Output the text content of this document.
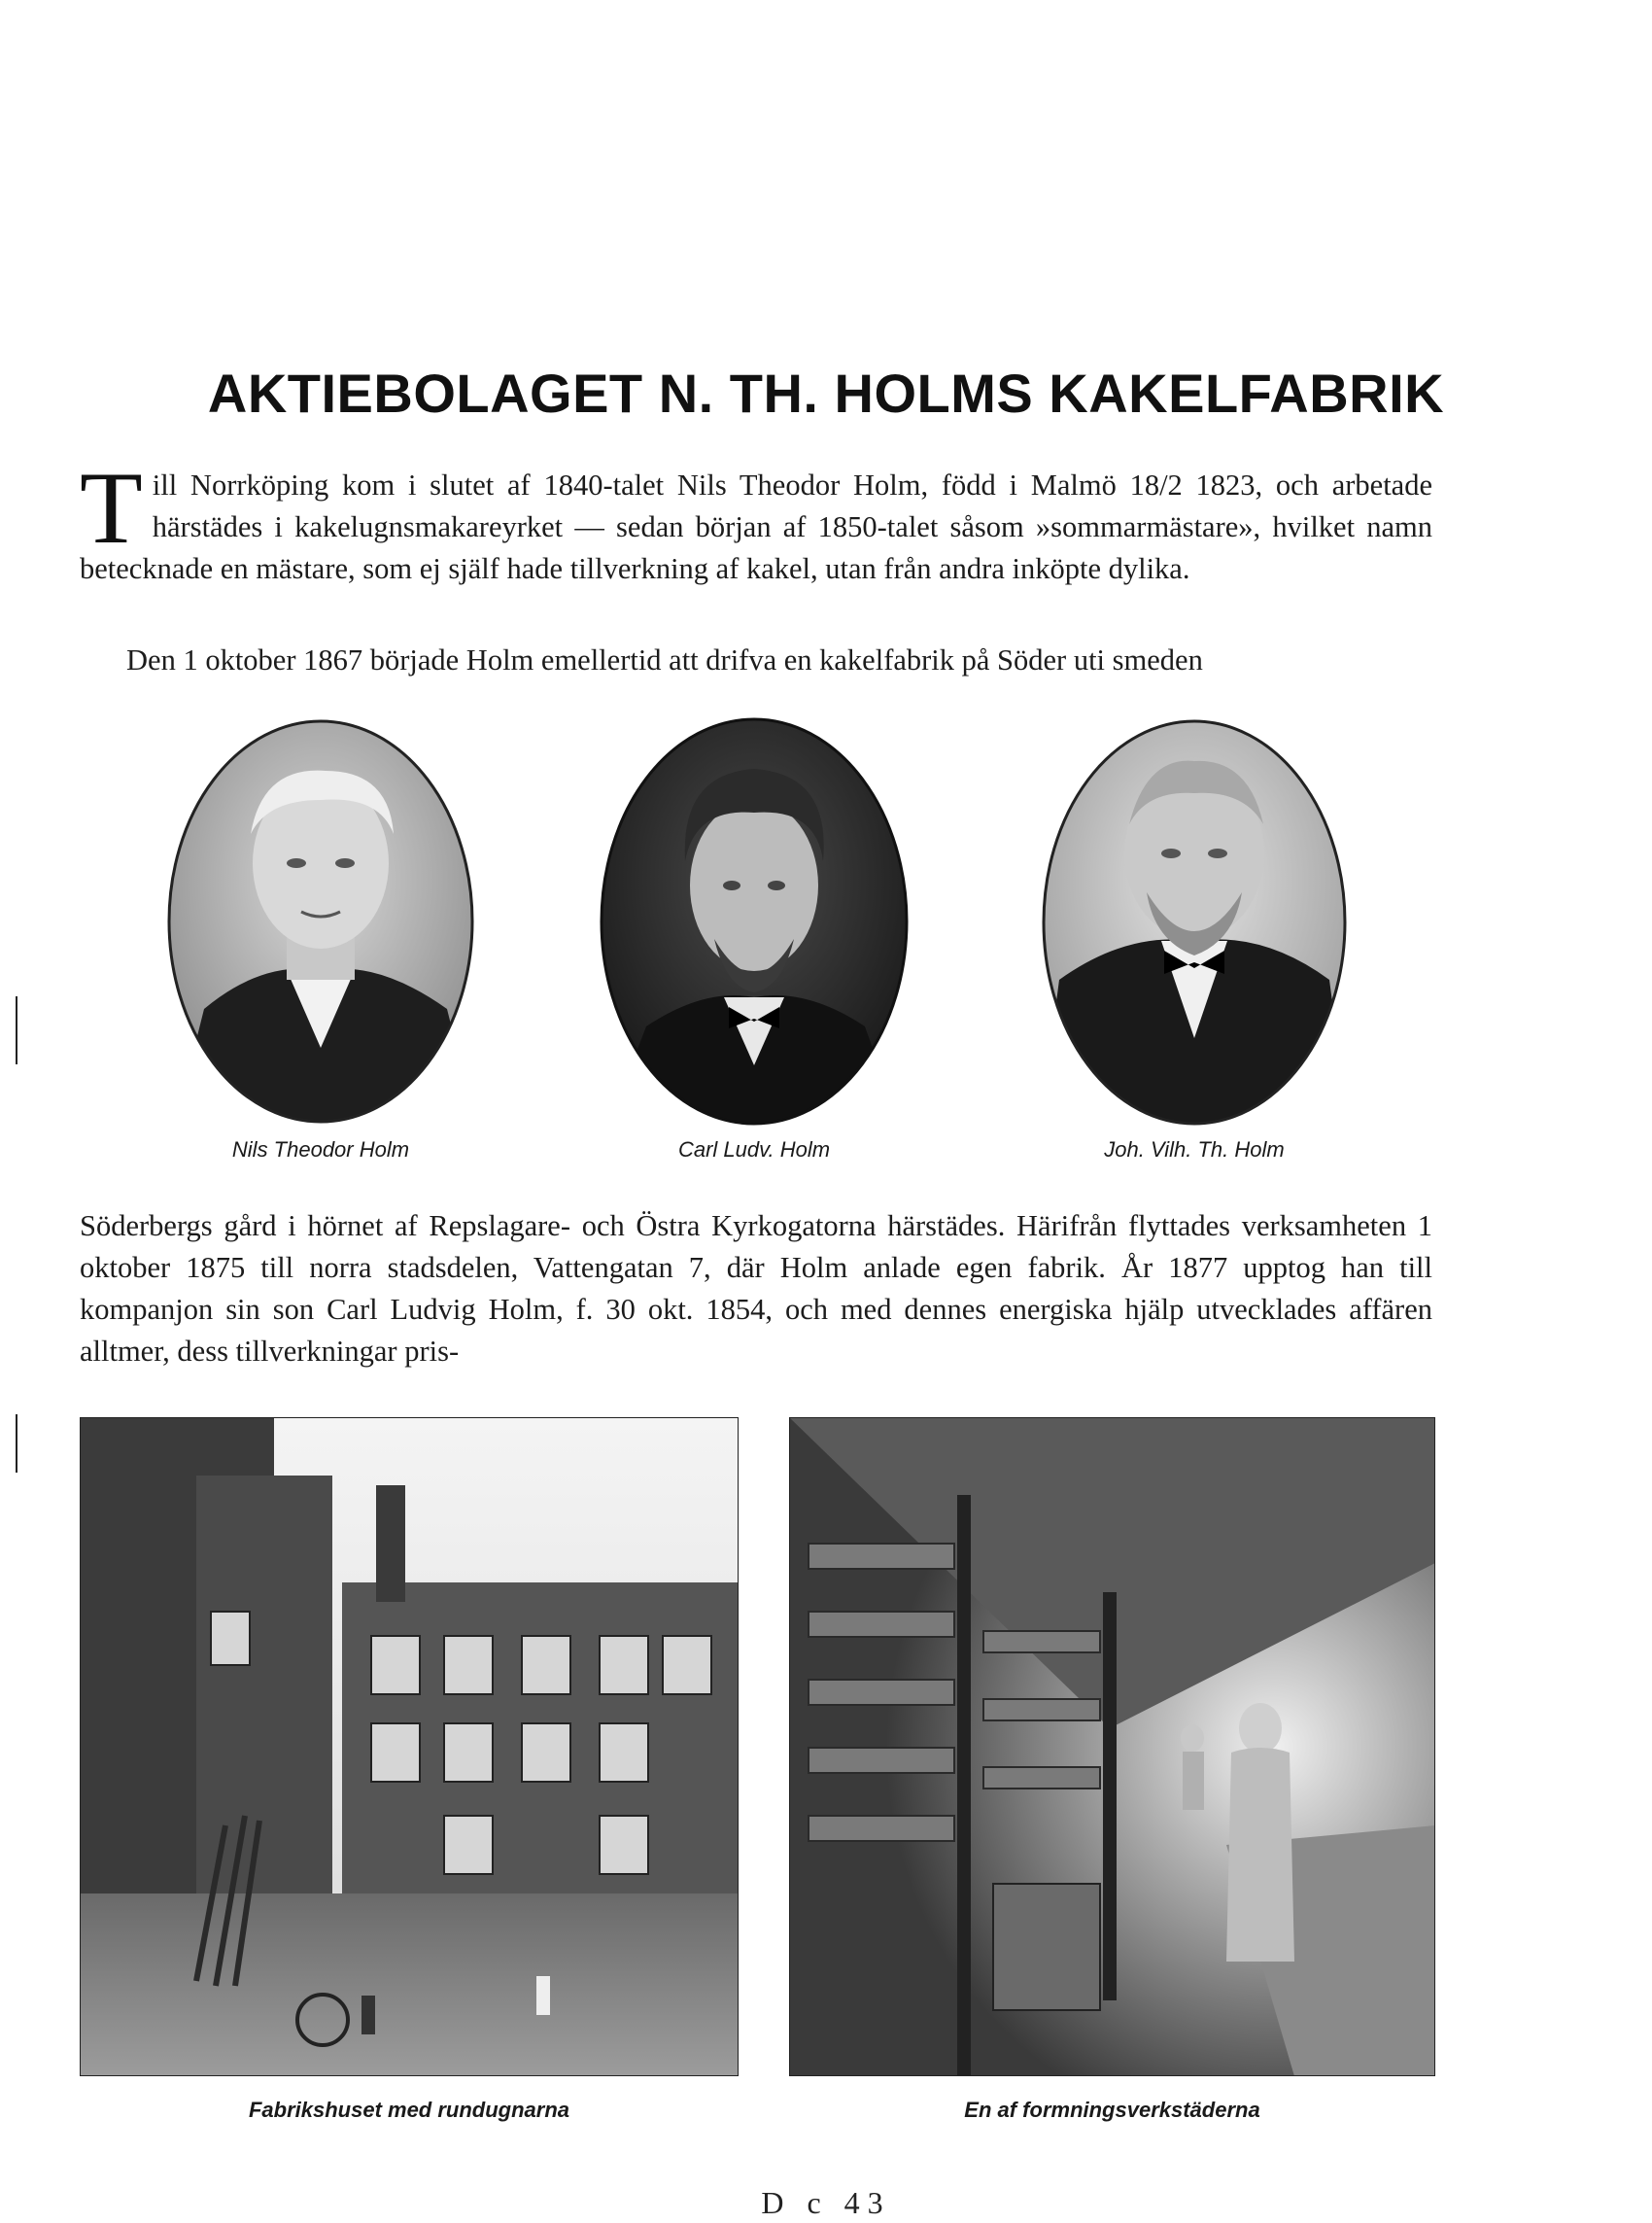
AKTIEBOLAGET N. TH. HOLMS KAKELFABRIK

T ill Norrköping kom i slutet af 1840-talet Nils Theodor Holm, född i Malmö 18/2 1823, och arbetade härstädes i kakelugnsmakareyrket — sedan början af 1850-talet såsom »sommarmästare», hvilket namn betecknade en mästare, som ej själf hade tillverkning af kakel, utan från andra inköpte dylika.

Den 1 oktober 1867 började Holm emellertid att drifva en kakelfabrik på Söder uti smeden

Nils Theodor Holm	Carl Ludv. Holm	Joh. Vilh. Th. Holm

Söderbergs gård i hörnet af Repslagare- och Östra Kyrkogatorna härstädes. Härifrån flyttades verksamheten 1 oktober 1875 till norra stadsdelen, Vattengatan 7, där Holm anlade egen fabrik. År 1877 upptog han till kompanjon sin son Carl Ludvig Holm, f. 30 okt. 1854, och med dennes energiska hjälp utvecklades affären alltmer, dess tillverkningar pris-

Fabrikshuset med rundugnarna	En af formningsverkstäderna
D c 43
